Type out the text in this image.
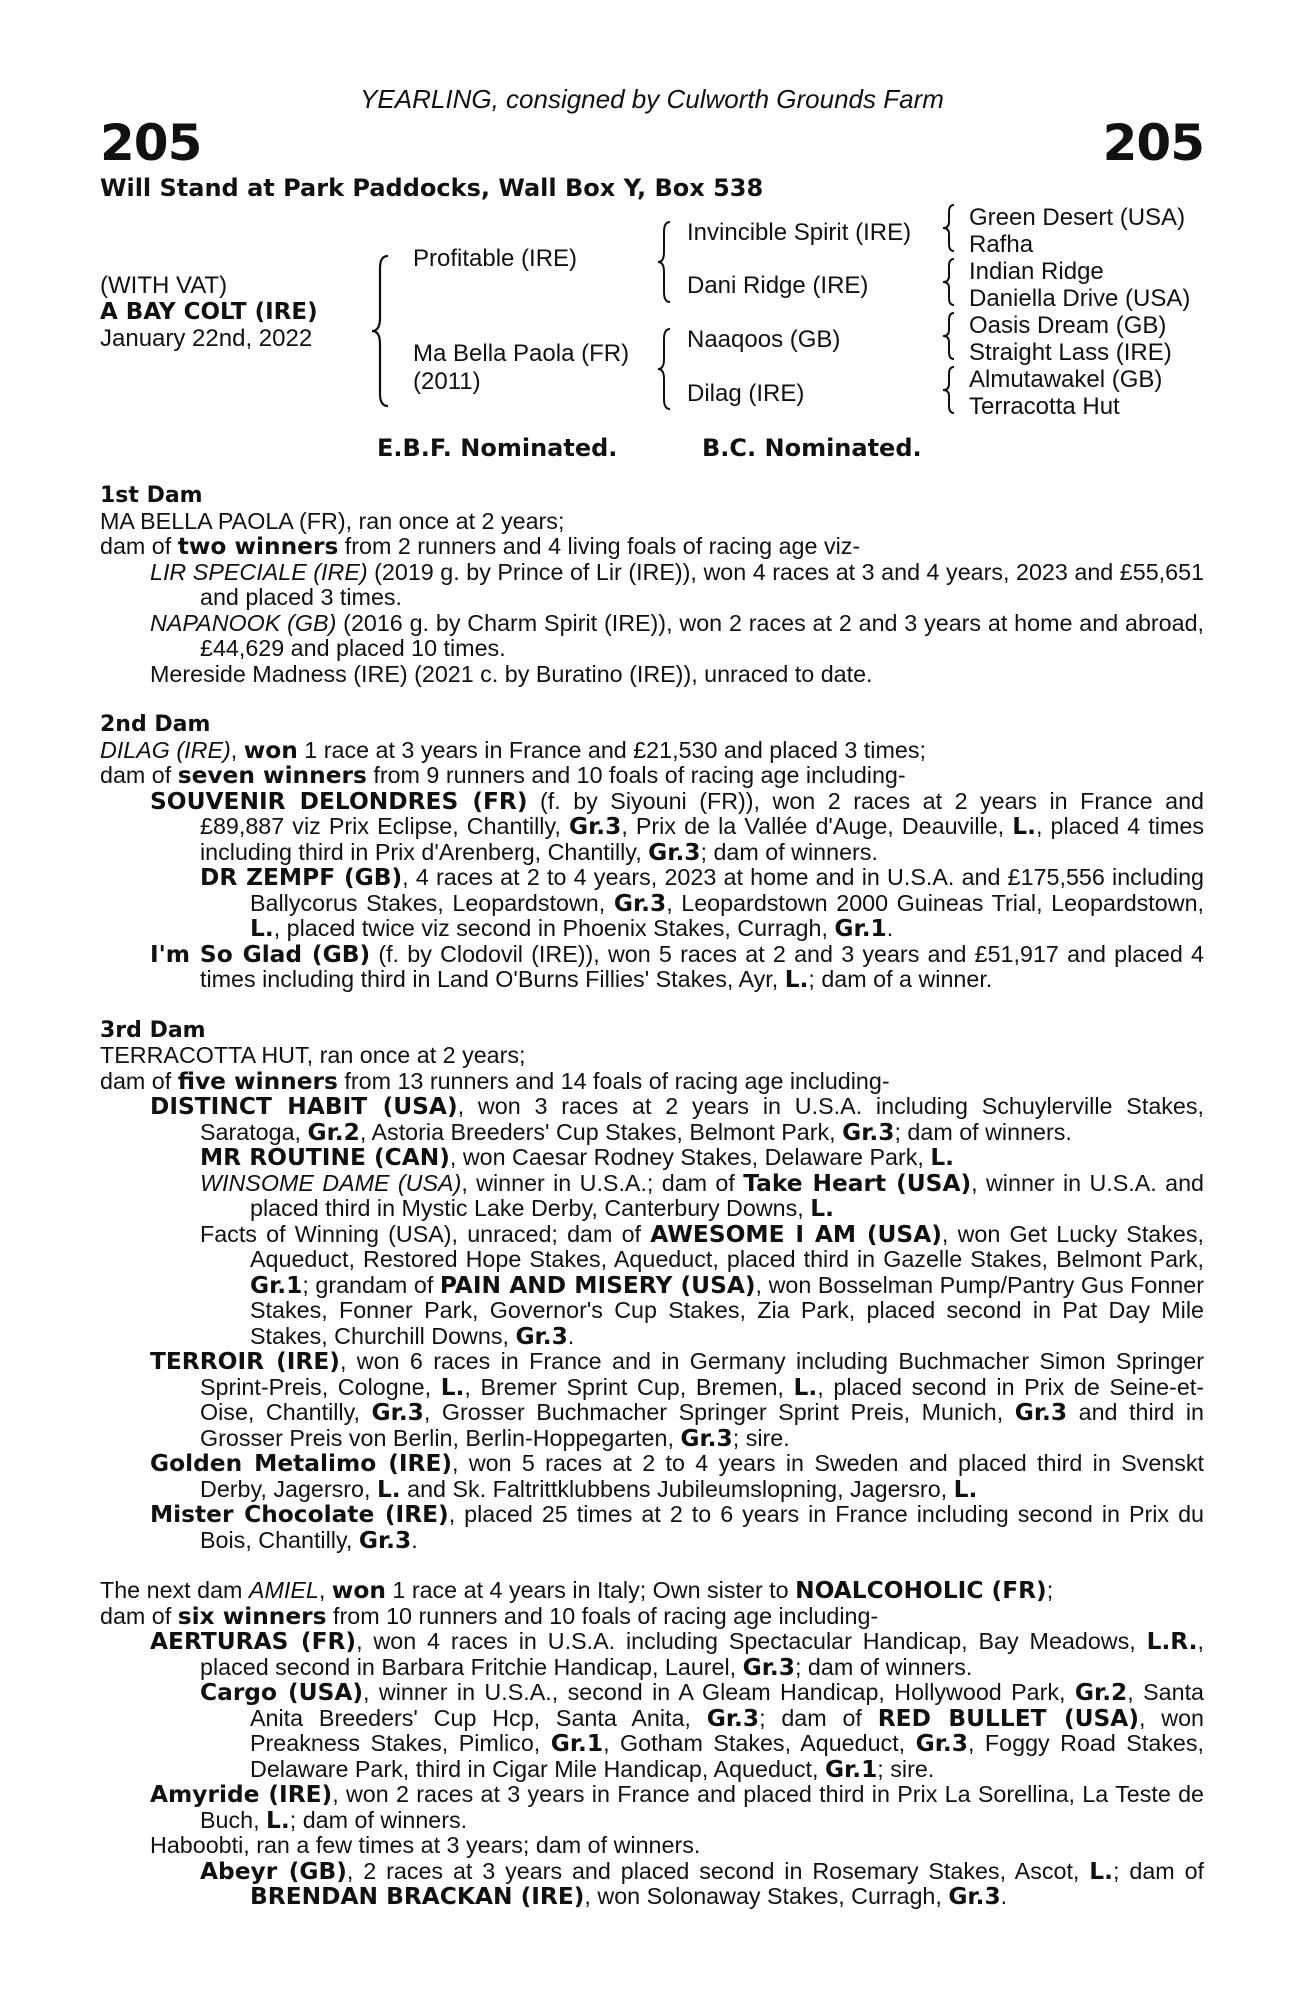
YEARLING, consigned by Culworth Grounds Farm
205	205
Will Stand at Park Paddocks, Wall Box Y, Box 538
(WITH VAT)
A BAY COLT (IRE)
January 22nd, 2022
Profitable (IRE)
Ma Bella Paola (FR)
(2011)
Invincible Spirit (IRE)
Dani Ridge (IRE)
Naaqoos (GB)
Dilag (IRE)
Green Desert (USA)
Rafha
Indian Ridge
Daniella Drive (USA)
Oasis Dream (GB)
Straight Lass (IRE)
Almutawakel (GB)
Terracotta Hut
E.B.F. Nominated.	B.C. Nominated.

1st Dam

MA BELLA PAOLA (FR), ran once at 2 years;

dam of two winners from 2 runners and 4 living foals of racing age viz-

LIR SPECIALE (IRE) (2019 g. by Prince of Lir (IRE)), won 4 races at 3 and 4 years, 2023 and £55,651 and placed 3 times.

NAPANOOK (GB) (2016 g. by Charm Spirit (IRE)), won 2 races at 2 and 3 years at home and abroad, £44,629 and placed 10 times.

Mereside Madness (IRE) (2021 c. by Buratino (IRE)), unraced to date.

2nd Dam

DILAG (IRE), won 1 race at 3 years in France and £21,530 and placed 3 times;

dam of seven winners from 9 runners and 10 foals of racing age including-

SOUVENIR DELONDRES (FR) (f. by Siyouni (FR)), won 2 races at 2 years in France and £89,887 viz Prix Eclipse, Chantilly, Gr.3, Prix de la Vallée d'Auge, Deauville, L., placed 4 times including third in Prix d'Arenberg, Chantilly, Gr.3; dam of winners.

DR ZEMPF (GB), 4 races at 2 to 4 years, 2023 at home and in U.S.A. and £175,556 including Ballycorus Stakes, Leopardstown, Gr.3, Leopardstown 2000 Guineas Trial, Leopardstown, L., placed twice viz second in Phoenix Stakes, Curragh, Gr.1.

I'm So Glad (GB) (f. by Clodovil (IRE)), won 5 races at 2 and 3 years and £51,917 and placed 4 times including third in Land O'Burns Fillies' Stakes, Ayr, L.; dam of a winner.

3rd Dam

TERRACOTTA HUT, ran once at 2 years;

dam of five winners from 13 runners and 14 foals of racing age including-

DISTINCT HABIT (USA), won 3 races at 2 years in U.S.A. including Schuylerville Stakes, Saratoga, Gr.2, Astoria Breeders' Cup Stakes, Belmont Park, Gr.3; dam of winners.

MR ROUTINE (CAN), won Caesar Rodney Stakes, Delaware Park, L.

WINSOME DAME (USA), winner in U.S.A.; dam of Take Heart (USA), winner in U.S.A. and placed third in Mystic Lake Derby, Canterbury Downs, L.

Facts of Winning (USA), unraced; dam of AWESOME I AM (USA), won Get Lucky Stakes, Aqueduct, Restored Hope Stakes, Aqueduct, placed third in Gazelle Stakes, Belmont Park, Gr.1; grandam of PAIN AND MISERY (USA), won Bosselman Pump/Pantry Gus Fonner Stakes, Fonner Park, Governor's Cup Stakes, Zia Park, placed second in Pat Day Mile Stakes, Churchill Downs, Gr.3.

TERROIR (IRE), won 6 races in France and in Germany including Buchmacher Simon Springer Sprint-Preis, Cologne, L., Bremer Sprint Cup, Bremen, L., placed second in Prix de Seine-et-Oise, Chantilly, Gr.3, Grosser Buchmacher Springer Sprint Preis, Munich, Gr.3 and third in Grosser Preis von Berlin, Berlin-Hoppegarten, Gr.3; sire.

Golden Metalimo (IRE), won 5 races at 2 to 4 years in Sweden and placed third in Svenskt Derby, Jagersro, L. and Sk. Faltrittklubbens Jubileumslopning, Jagersro, L.

Mister Chocolate (IRE), placed 25 times at 2 to 6 years in France including second in Prix du Bois, Chantilly, Gr.3.

The next dam AMIEL, won 1 race at 4 years in Italy; Own sister to NOALCOHOLIC (FR);

dam of six winners from 10 runners and 10 foals of racing age including-

AERTURAS (FR), won 4 races in U.S.A. including Spectacular Handicap, Bay Meadows, L.R., placed second in Barbara Fritchie Handicap, Laurel, Gr.3; dam of winners.

Cargo (USA), winner in U.S.A., second in A Gleam Handicap, Hollywood Park, Gr.2, Santa Anita Breeders' Cup Hcp, Santa Anita, Gr.3; dam of RED BULLET (USA), won Preakness Stakes, Pimlico, Gr.1, Gotham Stakes, Aqueduct, Gr.3, Foggy Road Stakes, Delaware Park, third in Cigar Mile Handicap, Aqueduct, Gr.1; sire.

Amyride (IRE), won 2 races at 3 years in France and placed third in Prix La Sorellina, La Teste de Buch, L.; dam of winners.

Haboobti, ran a few times at 3 years; dam of winners.

Abeyr (GB), 2 races at 3 years and placed second in Rosemary Stakes, Ascot, L.; dam of BRENDAN BRACKAN (IRE), won Solonaway Stakes, Curragh, Gr.3.
